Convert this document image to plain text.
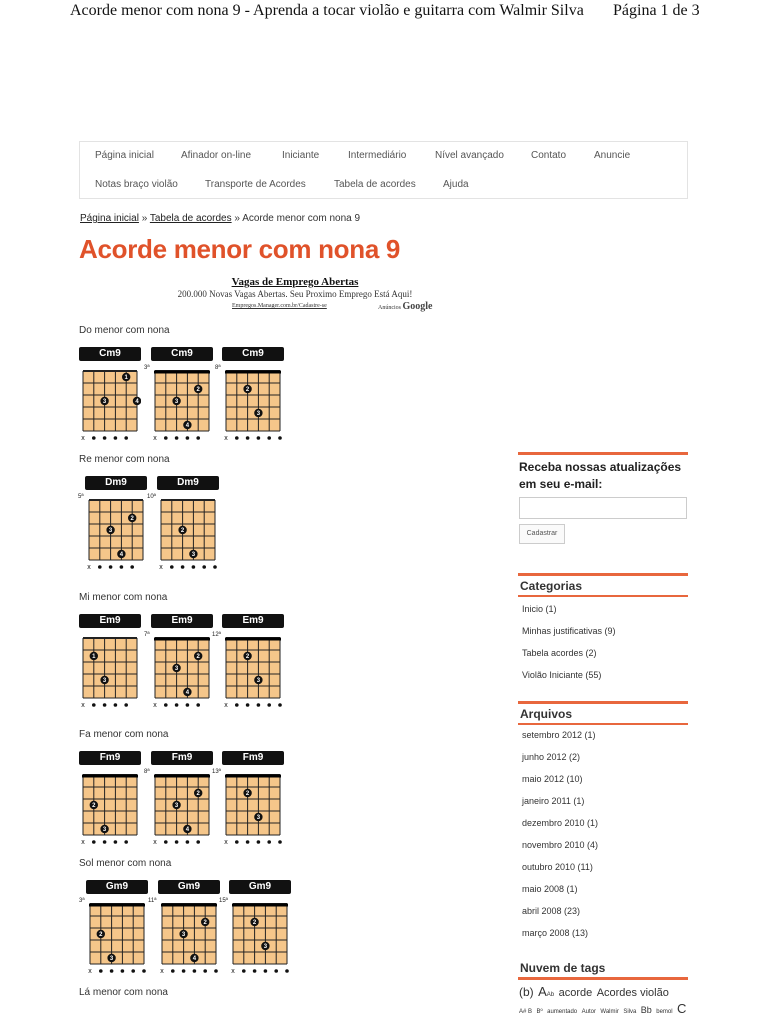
Acorde menor com nona 9 - Aprenda a tocar violão e guitarra com Walmir Silva Página 1 de 3
Página inicial	Afinador on-line	Iniciante	Intermediário	Nível avançado	Contato	Anuncie
Notas braço violão	Transporte de Acordes	Tabela de acordes	Ajuda
Página inicial » Tabela de acordes » Acorde menor com nona 9
Acorde menor com nona 9
Vagas de Emprego Abertas
200.000 Novas Vagas Abertas. Seu Proximo Emprego Está Aqui!
Empregos.Manager.com.br/Cadastre-se	Anúncios Google
Do menor com nona
Re menor com nona
Mi menor com nona
Fa menor com nona
Sol menor com nona
Lá menor com nona
Cm9
1
3	4
x
Cm9
3ª
2
3
4
x
Cm9
8ª
2
3
x
Dm9
5ª
2
3
4
x
Dm9
10ª
2
3
x
Em9
1
3
x
Em9
7ª
2
3
4
x
Em9
12ª
2
3
x
Fm9
2
3
x
Fm9
8ª
2
3
4
x
Fm9
13ª
2
3
x
Gm9
3ª
2
3
x
Gm9
11ª
2
3
4
x
Gm9
15ª
2
3
x
Receba nossas atualizações em seu e-mail:
Cadastrar
Categorias
Inicio (1)
Minhas justificativas (9)
Tabela acordes (2)
Violão Iniciante (55)
Arquivos
setembro 2012 (1)
junho 2012 (2)
maio 2012 (10)
janeiro 2011 (1)
dezembro 2010 (1)
novembro 2010 (4)
outubro 2010 (11)
maio 2008 (1)
abril 2008 (23)
março 2008 (13)
Nuvem de tags
(b) AAb acorde Acordes violão
A# B Bº aumentado Autor Walmir Silva Bb bemol C
